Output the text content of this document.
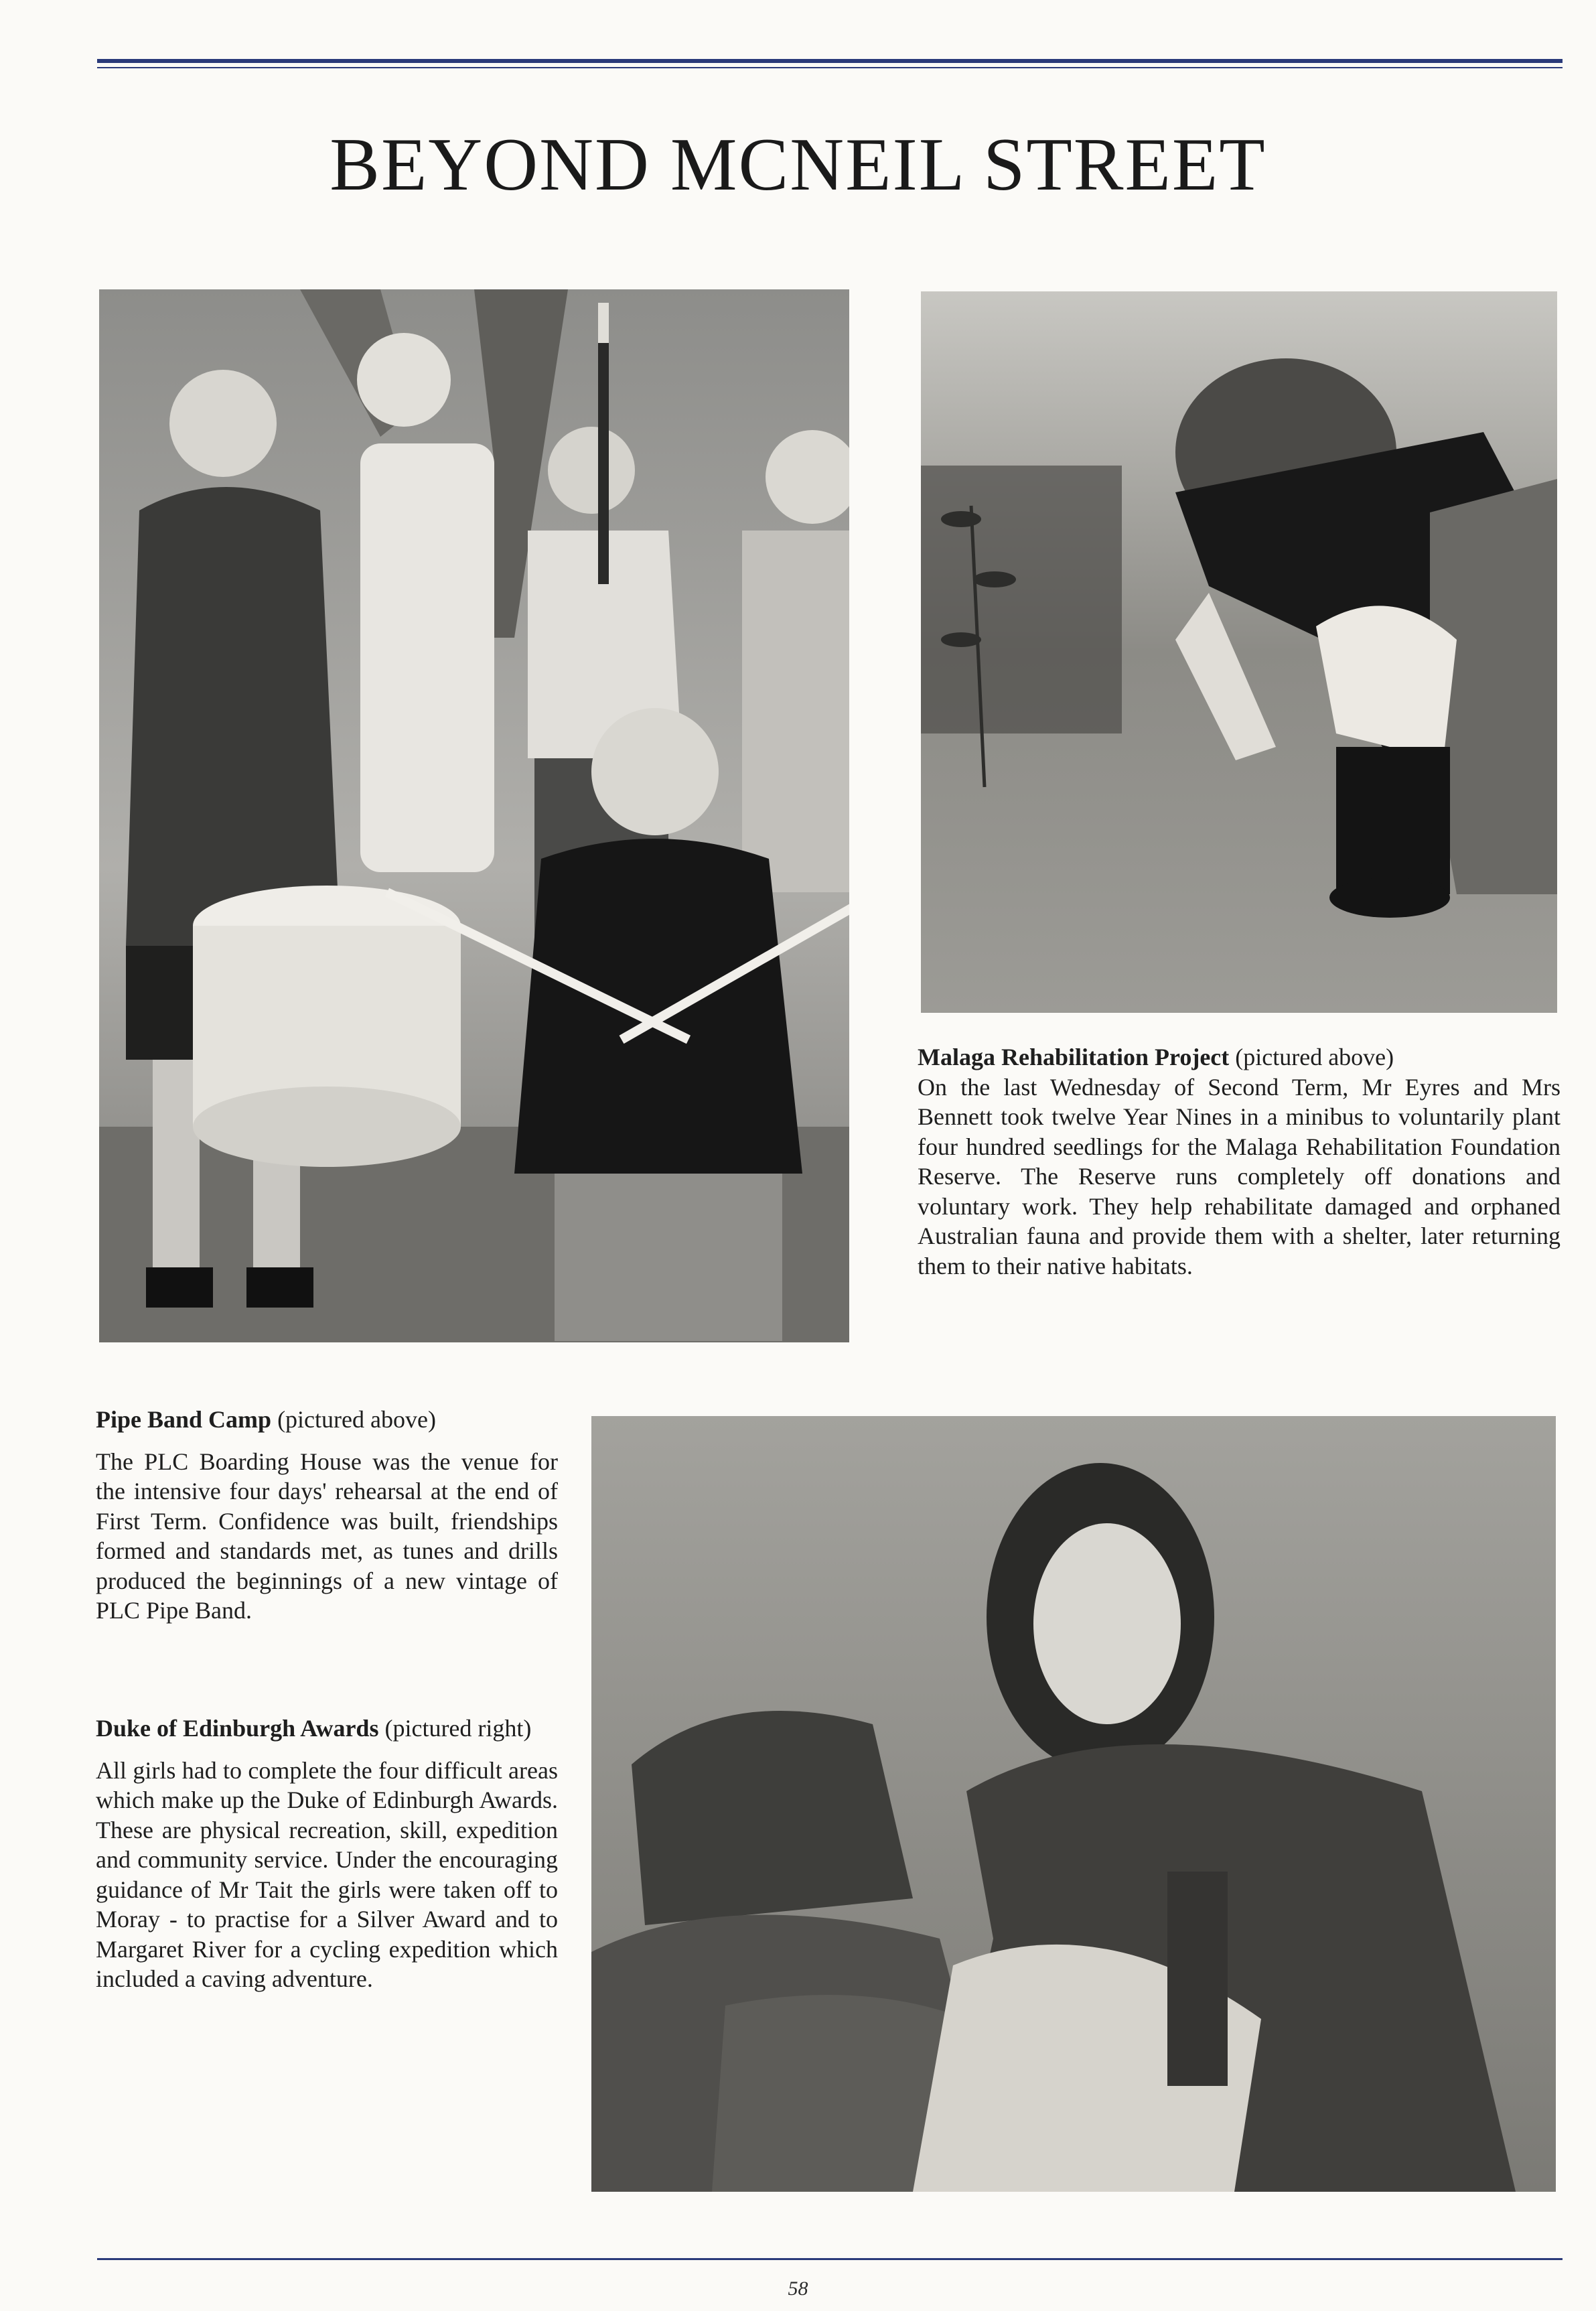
BEYOND MCNEIL STREET

Malaga Rehabilitation Project (pictured above)

On the last Wednesday of Second Term, Mr Eyres and Mrs Bennett took twelve Year Nines in a minibus to voluntarily plant four hundred seedlings for the Malaga Rehabilitation Foundation Reserve. The Reserve runs completely off donations and voluntary work. They help rehabilitate damaged and orphaned Australian fauna and provide them with a shelter, later returning them to their native habitats.

Pipe Band Camp (pictured above)

The PLC Boarding House was the venue for the intensive four days' rehearsal at the end of First Term. Confidence was built, friendships formed and standards met, as tunes and drills produced the beginnings of a new vintage of PLC Pipe Band.

Duke of Edinburgh Awards (pictured right)

All girls had to complete the four difficult areas which make up the Duke of Edinburgh Awards. These are physical recreation, skill, expedition and community service. Under the encouraging guidance of Mr Tait the girls were taken off to Moray - to practise for a Silver Award and to Margaret River for a cycling expedition which included a caving adventure.

58
